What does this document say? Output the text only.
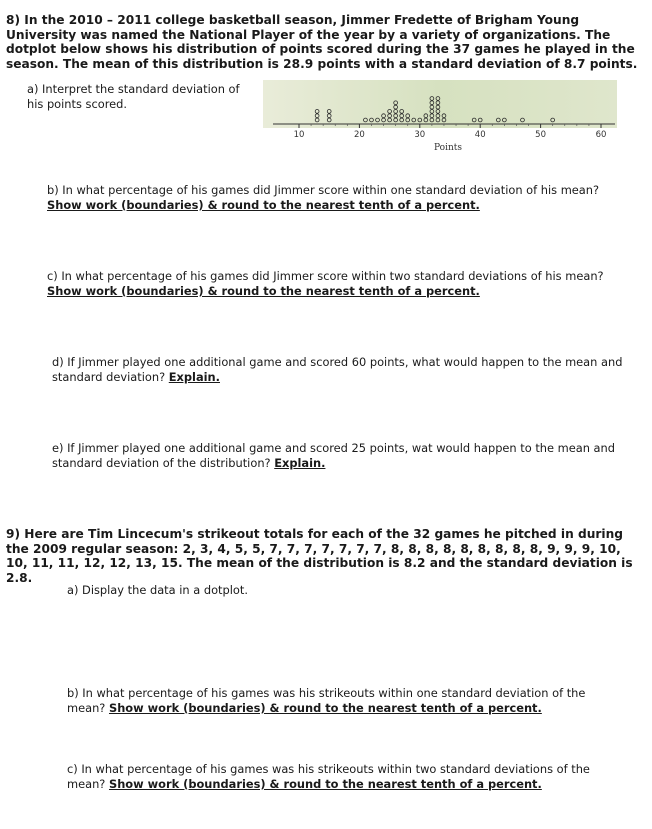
8) In the 2010 – 2011 college basketball season, Jimmer Fredette of Brigham Young University was named the National Player of the year by a variety of organizations. The dotplot below shows his distribution of points scored during the 37 games he played in the season. The mean of this distribution is 28.9 points with a standard deviation of 8.7 points.
a) Interpret the standard deviation of his points scored.
10	20	30	40	50	60
Points
b) In what percentage of his games did Jimmer score within one standard deviation of his mean? Show work (boundaries) & round to the nearest tenth of a percent.
c) In what percentage of his games did Jimmer score within two standard deviations of his mean? Show work (boundaries) & round to the nearest tenth of a percent.
d) If Jimmer played one additional game and scored 60 points, what would happen to the mean and standard deviation? Explain.
e) If Jimmer played one additional game and scored 25 points, wat would happen to the mean and standard deviation of the distribution? Explain.
9) Here are Tim Lincecum's strikeout totals for each of the 32 games he pitched in during the 2009 regular season: 2, 3, 4, 5, 5, 7, 7, 7, 7, 7, 7, 7, 8, 8, 8, 8, 8, 8, 8, 8, 8, 9, 9, 9, 10, 10, 11, 11, 12, 12, 13, 15. The mean of the distribution is 8.2 and the standard deviation is 2.8.
a) Display the data in a dotplot.
b) In what percentage of his games was his strikeouts within one standard deviation of the mean? Show work (boundaries) & round to the nearest tenth of a percent.
c) In what percentage of his games was his strikeouts within two standard deviations of the mean? Show work (boundaries) & round to the nearest tenth of a percent.
